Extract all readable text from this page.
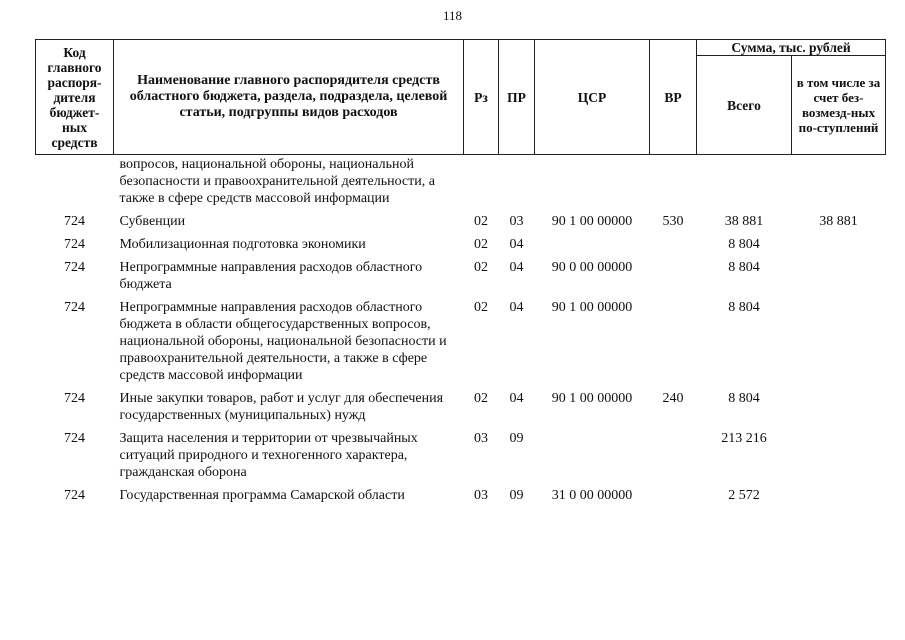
118
Код главного распоря-дителя бюджет-ных средств	Наименование главного распорядителя средств областного бюджета, раздела, подраздела, целевой статьи, подгруппы видов расходов	Рз	ПР	ЦСР	ВР	Сумма, тыс. рублей	
						Всего	в том числе за счет без-возмезд-ных по-ступлений
	вопросов, национальной обороны, национальной безопасности и правоохранительной деятельности, а также в сфере средств массовой информации						
724	Субвенции	02	03	90 1 00 00000	530	38 881	38 881
724	Мобилизационная подготовка экономики	02	04			8 804	
724	Непрограммные направления расходов областного бюджета	02	04	90 0 00 00000		8 804	
724	Непрограммные направления расходов областного бюджета в области общегосударственных вопросов, национальной обороны, национальной безопасности и правоохранительной деятельности, а также в сфере средств массовой информации	02	04	90 1 00 00000		8 804	
724	Иные закупки товаров, работ и услуг для обеспечения государственных (муниципальных) нужд	02	04	90 1 00 00000	240	8 804	
724	Защита населения и территории от чрезвычайных ситуаций природного и техногенного характера, гражданская оборона	03	09			213 216	
724	Государственная программа Самарской области	03	09	31 0 00 00000		2 572	
